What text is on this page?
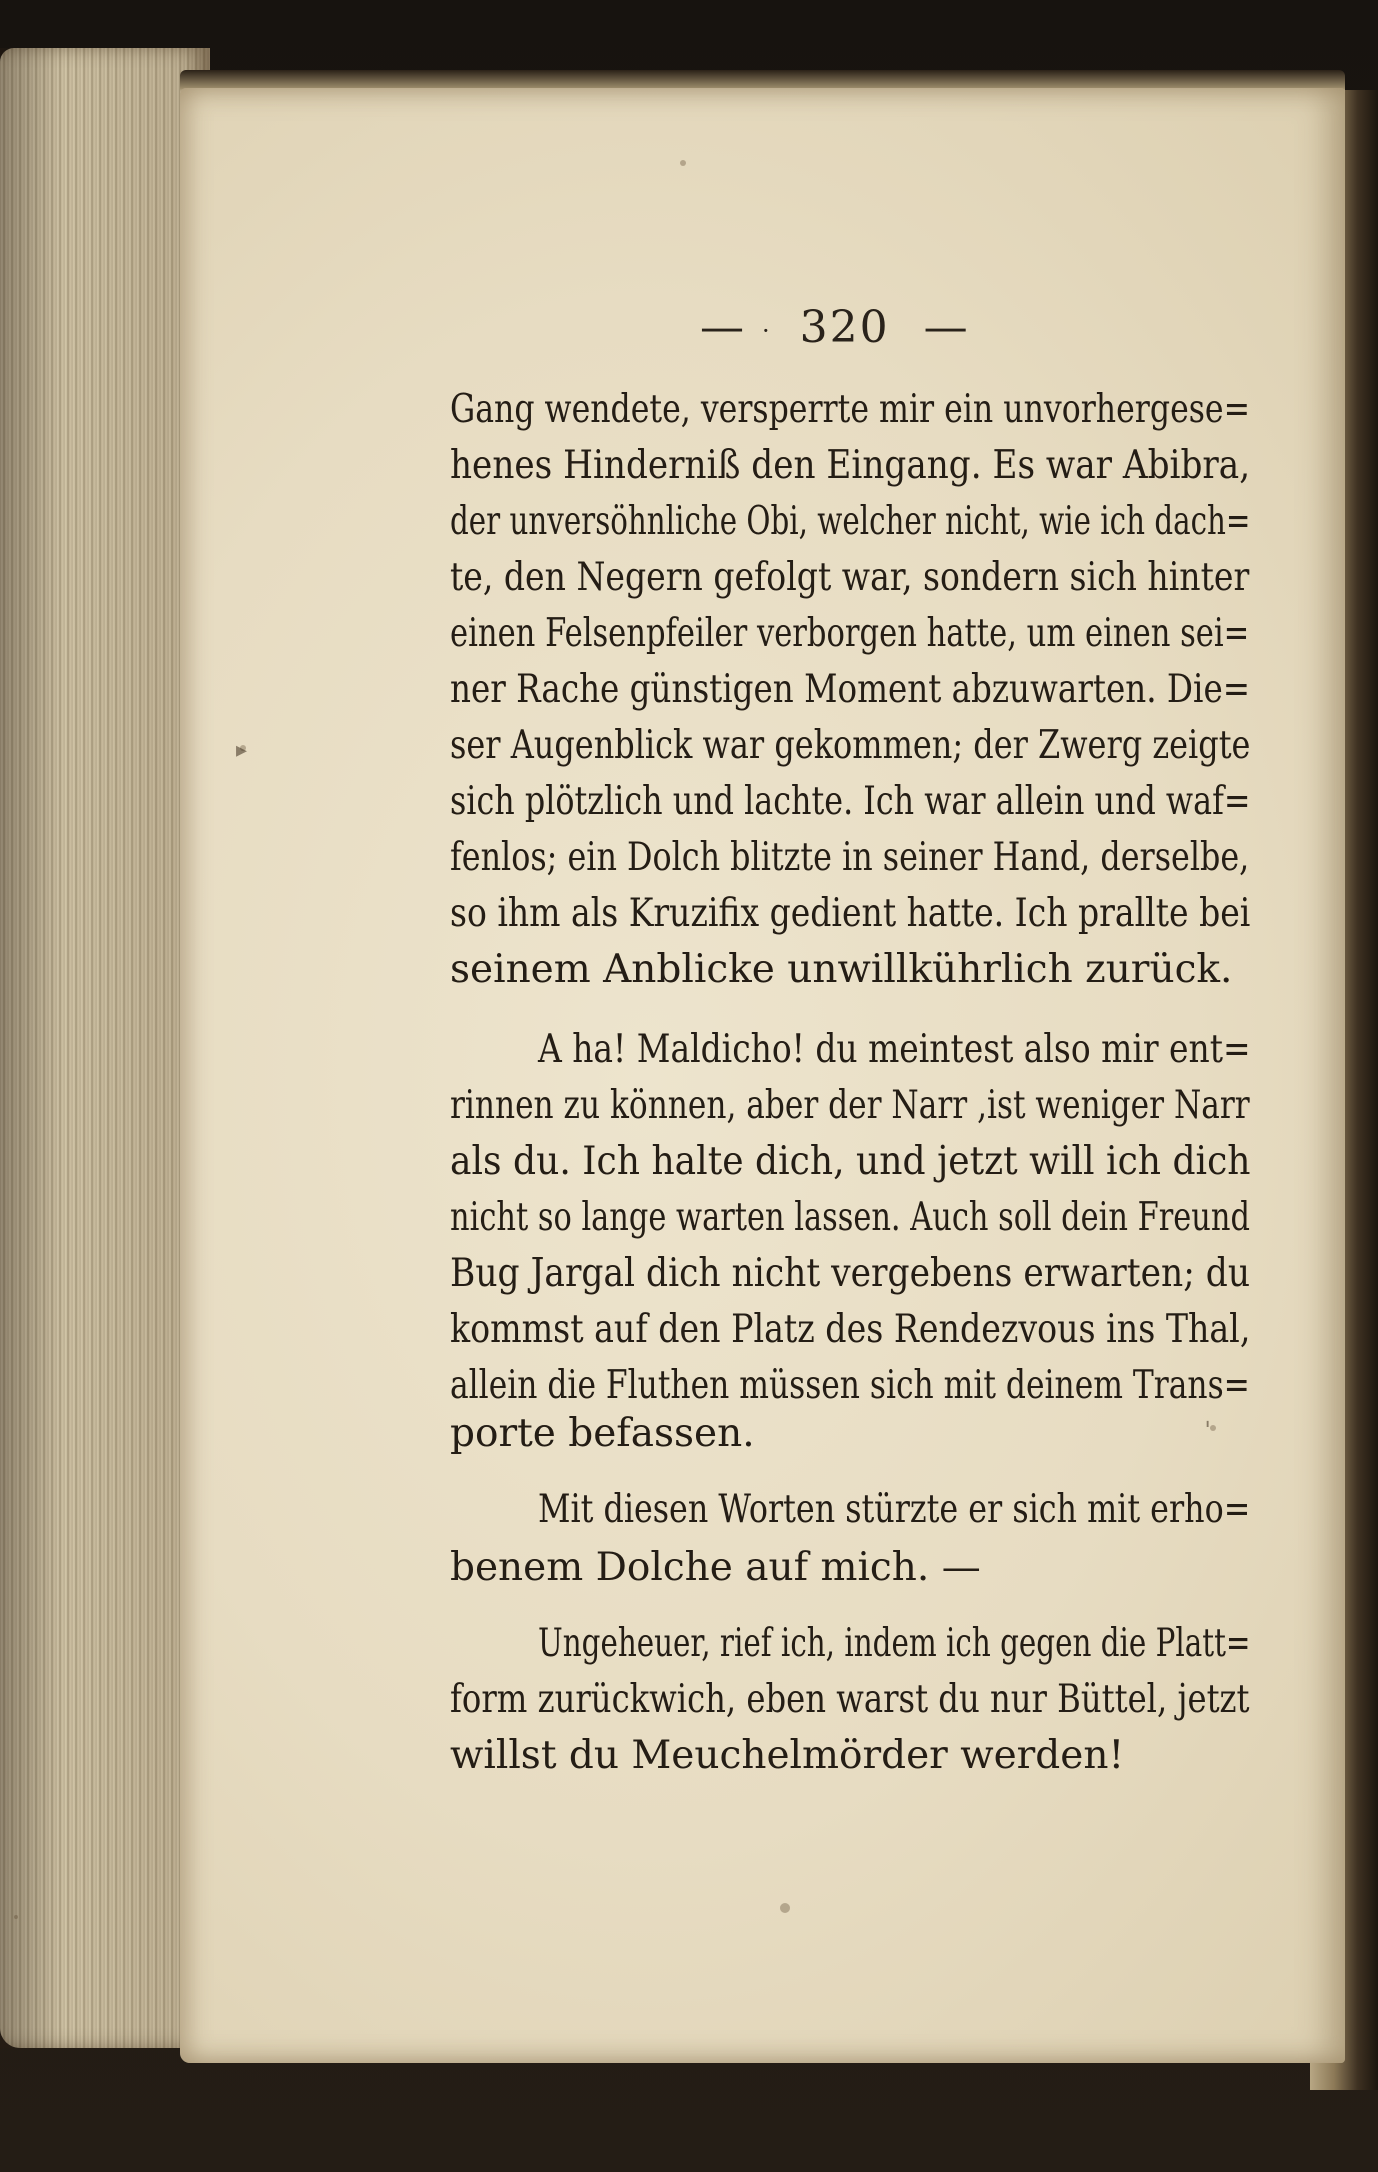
— · 320 —
Gang wendete, versperrte mir ein unvorhergese=
henes Hinderniß den Eingang. Es war Abibra,
der unversöhnliche Obi, welcher nicht, wie ich dach=
te, den Negern gefolgt war, sondern sich hinter
einen Felsenpfeiler verborgen hatte, um einen sei=
ner Rache günstigen Moment abzuwarten. Die=
ser Augenblick war gekommen; der Zwerg zeigte
sich plötzlich und lachte. Ich war allein und waf=
fenlos; ein Dolch blitzte in seiner Hand, derselbe,
so ihm als Kruzifix gedient hatte. Ich prallte bei
seinem Anblicke unwillkührlich zurück.
A ha! Maldicho! du meintest also mir ent=
rinnen zu können, aber der Narr ,ist weniger Narr
als du. Ich halte dich, und jetzt will ich dich
nicht so lange warten lassen. Auch soll dein Freund
Bug Jargal dich nicht vergebens erwarten; du
kommst auf den Platz des Rendezvous ins Thal,
allein die Fluthen müssen sich mit deinem Trans=
porte befassen.
Mit diesen Worten stürzte er sich mit erho=
benem Dolche auf mich. —
Ungeheuer, rief ich, indem ich gegen die Platt=
form zurückwich, eben warst du nur Büttel, jetzt
willst du Meuchelmörder werden!
▸
ˈ
